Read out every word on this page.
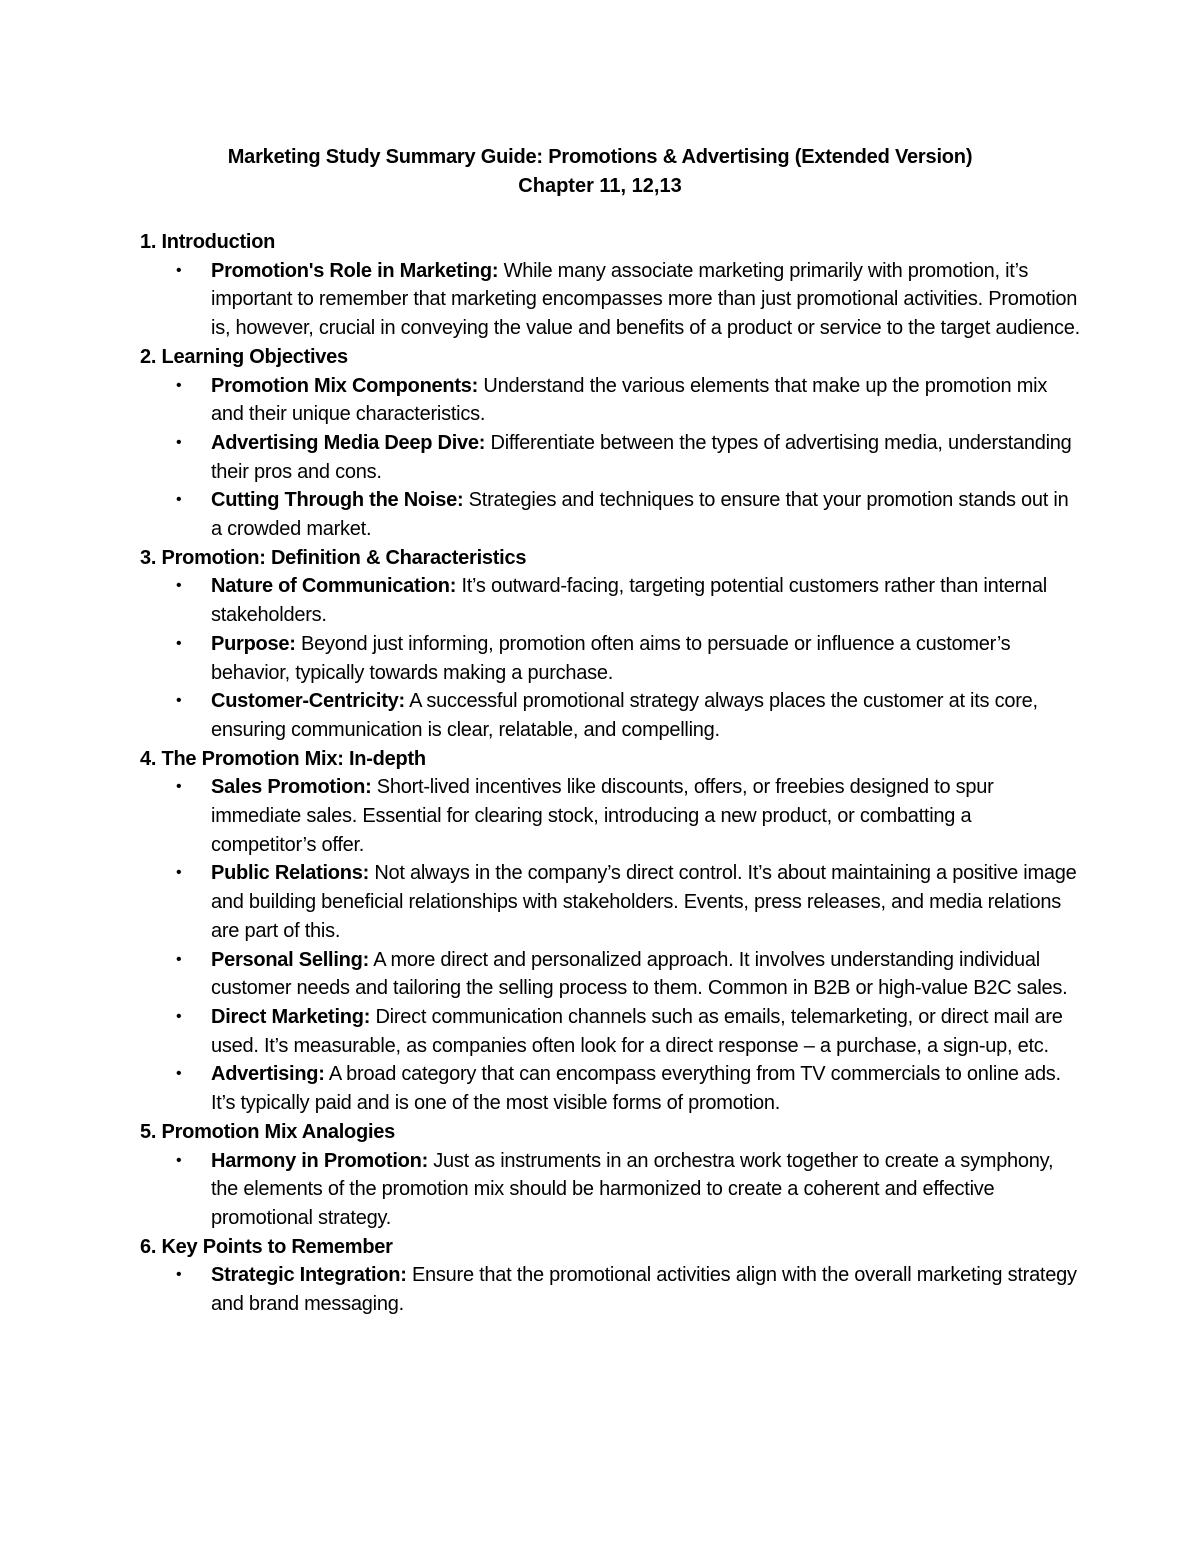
Marketing Study Summary Guide: Promotions & Advertising (Extended Version)
Chapter 11, 12,13
1. Introduction
• Promotion's Role in Marketing: While many associate marketing primarily with promotion, it’s important to remember that marketing encompasses more than just promotional activities. Promotion is, however, crucial in conveying the value and benefits of a product or service to the target audience.
2. Learning Objectives
• Promotion Mix Components: Understand the various elements that make up the promotion mix and their unique characteristics.
• Advertising Media Deep Dive: Differentiate between the types of advertising media, understanding their pros and cons.
• Cutting Through the Noise: Strategies and techniques to ensure that your promotion stands out in a crowded market.
3. Promotion: Definition & Characteristics
• Nature of Communication: It’s outward-facing, targeting potential customers rather than internal stakeholders.
• Purpose: Beyond just informing, promotion often aims to persuade or influence a customer’s behavior, typically towards making a purchase.
• Customer-Centricity: A successful promotional strategy always places the customer at its core, ensuring communication is clear, relatable, and compelling.
4. The Promotion Mix: In-depth
• Sales Promotion: Short-lived incentives like discounts, offers, or freebies designed to spur immediate sales. Essential for clearing stock, introducing a new product, or combatting a competitor’s offer.
• Public Relations: Not always in the company’s direct control. It’s about maintaining a positive image and building beneficial relationships with stakeholders. Events, press releases, and media relations are part of this.
• Personal Selling: A more direct and personalized approach. It involves understanding individual customer needs and tailoring the selling process to them. Common in B2B or high-value B2C sales.
• Direct Marketing: Direct communication channels such as emails, telemarketing, or direct mail are used. It’s measurable, as companies often look for a direct response – a purchase, a sign-up, etc.
• Advertising: A broad category that can encompass everything from TV commercials to online ads. It’s typically paid and is one of the most visible forms of promotion.
5. Promotion Mix Analogies
• Harmony in Promotion: Just as instruments in an orchestra work together to create a symphony, the elements of the promotion mix should be harmonized to create a coherent and effective promotional strategy.
6. Key Points to Remember
• Strategic Integration: Ensure that the promotional activities align with the overall marketing strategy and brand messaging.
